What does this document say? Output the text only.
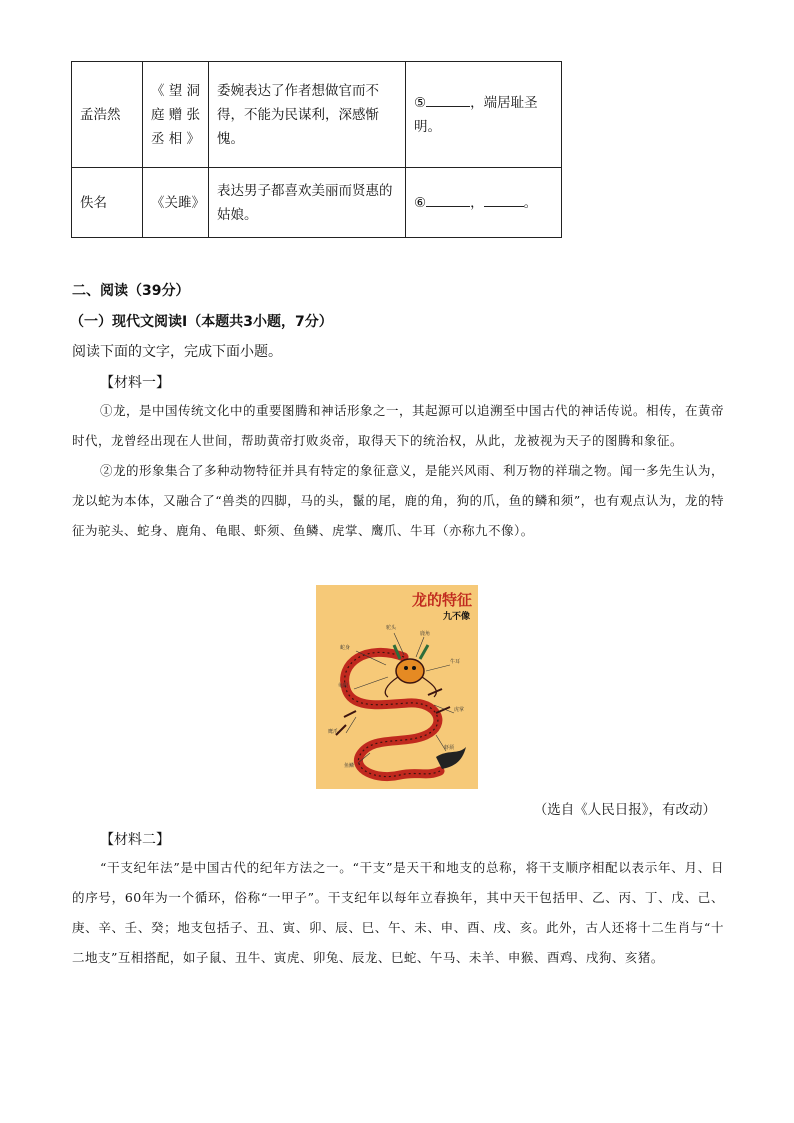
孟浩然	《望洞庭赠张丞相》	委婉表达了作者想做官而不得，不能为民谋利，深感惭愧。	⑤ ，端居耻圣明。
佚名	《关雎》	表达男子都喜欢美丽而贤惠的姑娘。	⑥ ， 。
二、阅读（39分）
（一）现代文阅读Ⅰ（本题共3小题，7分）
阅读下面的文字，完成下面小题。
【材料一】

①龙，是中国传统文化中的重要图腾和神话形象之一，其起源可以追溯至中国古代的神话传说。相传，在黄帝时代，龙曾经出现在人世间，帮助黄帝打败炎帝，取得天下的统治权，从此，龙被视为天子的图腾和象征。

②龙的形象集合了多种动物特征并具有特定的象征意义，是能兴风雨、利万物的祥瑞之物。闻一多先生认为，龙以蛇为本体，又融合了“兽类的四脚，马的头，鬣的尾，鹿的角，狗的爪，鱼的鳞和须”，也有观点认为，龙的特征为驼头、蛇身、鹿角、龟眼、虾须、鱼鳞、虎掌、鹰爪、牛耳（亦称九不像）。

龙的特征
九不像
驼头
鹿角
蛇身
牛耳
龟眼
虎掌
鹰爪
虾须
鱼鳞
（选自《人民日报》，有改动）
【材料二】

“干支纪年法”是中国古代的纪年方法之一。“干支”是天干和地支的总称，将干支顺序相配以表示年、月、日的序号，60年为一个循环，俗称“一甲子”。干支纪年以每年立春换年，其中天干包括甲、乙、丙、丁、戊、己、庚、辛、壬、癸；地支包括子、丑、寅、卯、辰、巳、午、未、申、酉、戌、亥。此外，古人还将十二生肖与“十二地支”互相搭配，如子鼠、丑牛、寅虎、卯兔、辰龙、巳蛇、午马、未羊、申猴、酉鸡、戌狗、亥猪。
